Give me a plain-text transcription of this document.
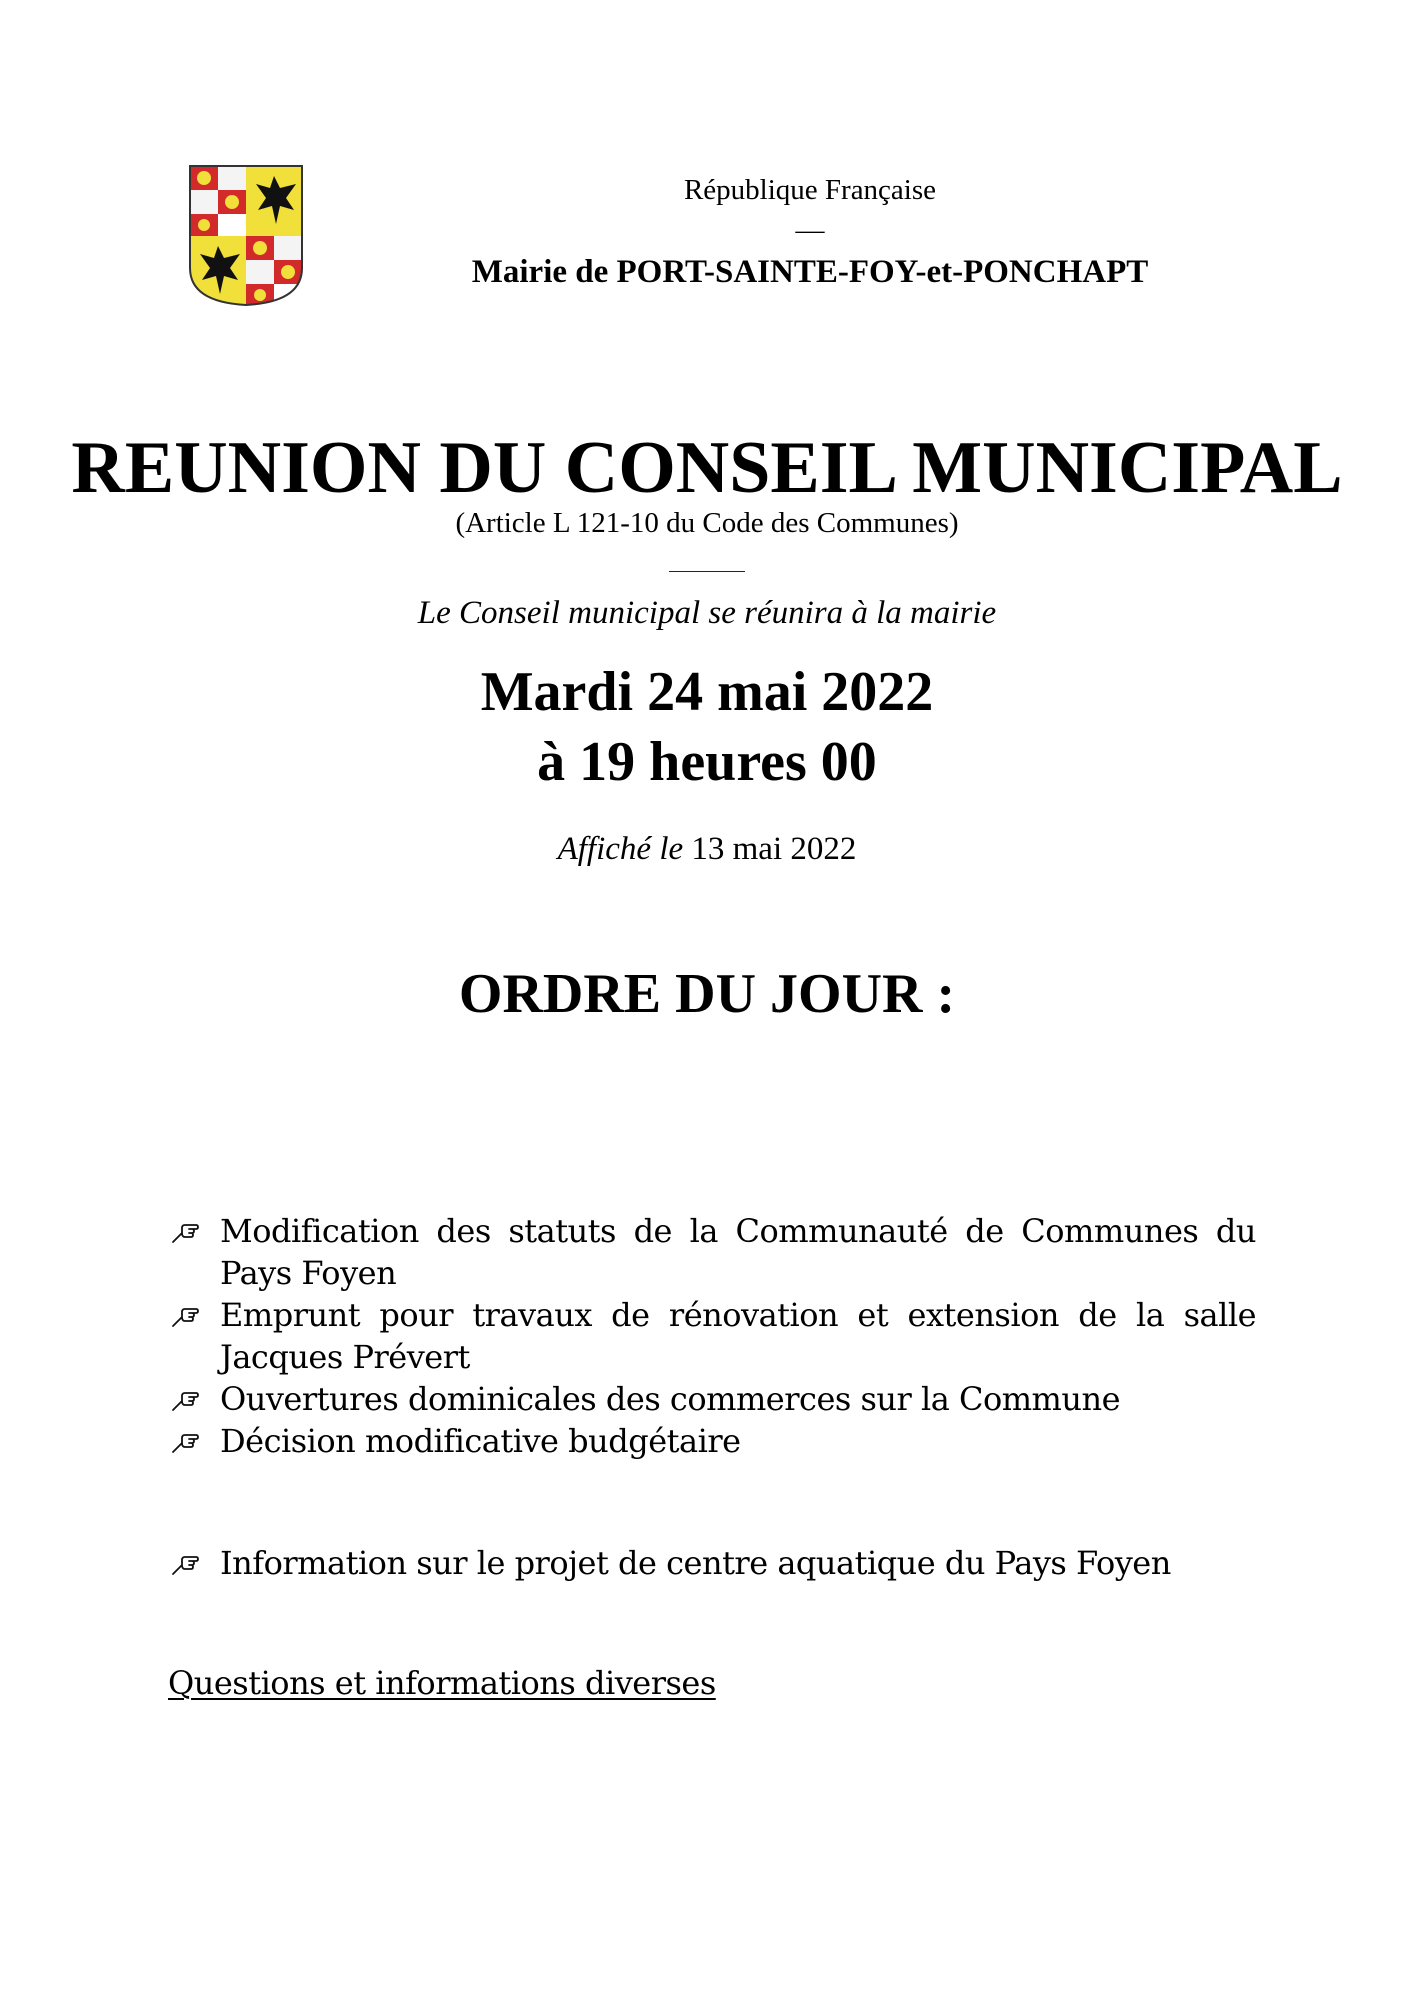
République Française

—

Mairie de PORT-SAINTE-FOY-et-PONCHAPT

REUNION DU CONSEIL MUNICIPAL
(Article L 121-10 du Code des Communes)
Le Conseil municipal se réunira à la mairie
Mardi 24 mai 2022
à 19 heures 00
Affiché le 13 mai 2022
ORDRE DU JOUR :

Modification des statuts de la Communauté de Communes du Pays Foyen

Emprunt pour travaux de rénovation et extension de la salle Jacques Prévert

Ouvertures dominicales des commerces sur la Commune

Décision modificative budgétaire

Information sur le projet de centre aquatique du Pays Foyen

Questions et informations diverses
